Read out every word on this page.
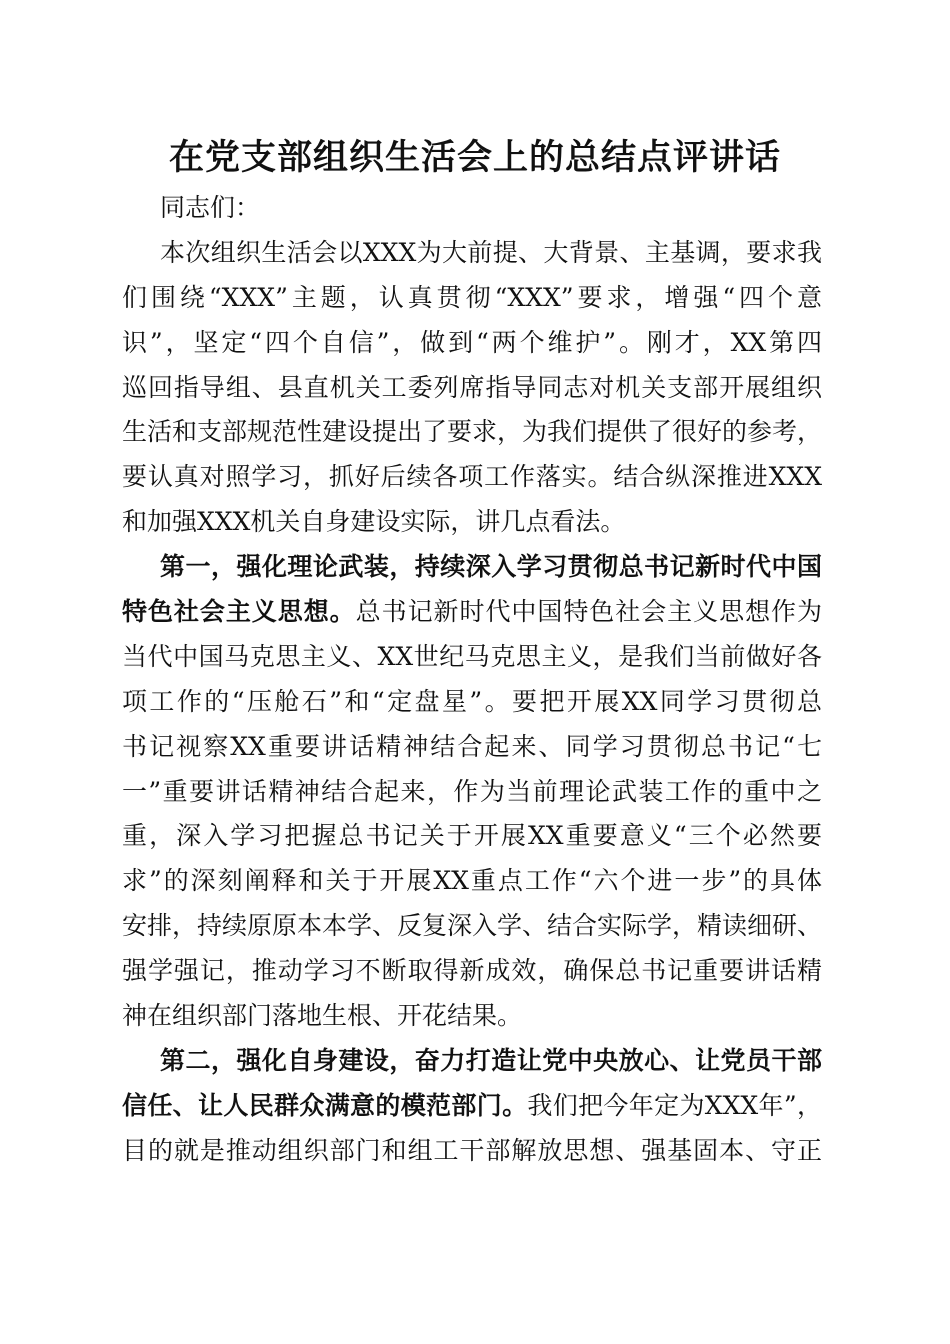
在党支部组织生活会上的总结点评讲话
同志们：
本次组织生活会以XXX为大前提、大背景、主基调，要求我
们围绕“XXX”主题，认真贯彻“XXX”要求，增强“四个意
识”，坚定“四个自信”，做到“两个维护”。刚才，XX第四
巡回指导组、县直机关工委列席指导同志对机关支部开展组织
生活和支部规范性建设提出了要求，为我们提供了很好的参考，
要认真对照学习，抓好后续各项工作落实。结合纵深推进XXX
和加强XXX机关自身建设实际，讲几点看法。
第一，强化理论武装，持续深入学习贯彻总书记新时代中国
特色社会主义思想。总书记新时代中国特色社会主义思想作为
当代中国马克思主义、XX世纪马克思主义，是我们当前做好各
项工作的“压舱石”和“定盘星”。要把开展XX同学习贯彻总
书记视察XX重要讲话精神结合起来、同学习贯彻总书记“七
一”重要讲话精神结合起来，作为当前理论武装工作的重中之
重，深入学习把握总书记关于开展XX重要意义“三个必然要
求”的深刻阐释和关于开展XX重点工作“六个进一步”的具体
安排，持续原原本本学、反复深入学、结合实际学，精读细研、
强学强记，推动学习不断取得新成效，确保总书记重要讲话精
神在组织部门落地生根、开花结果。
第二，强化自身建设，奋力打造让党中央放心、让党员干部
信任、让人民群众满意的模范部门。我们把今年定为XXX年”，
目的就是推动组织部门和组工干部解放思想、强基固本、守正
